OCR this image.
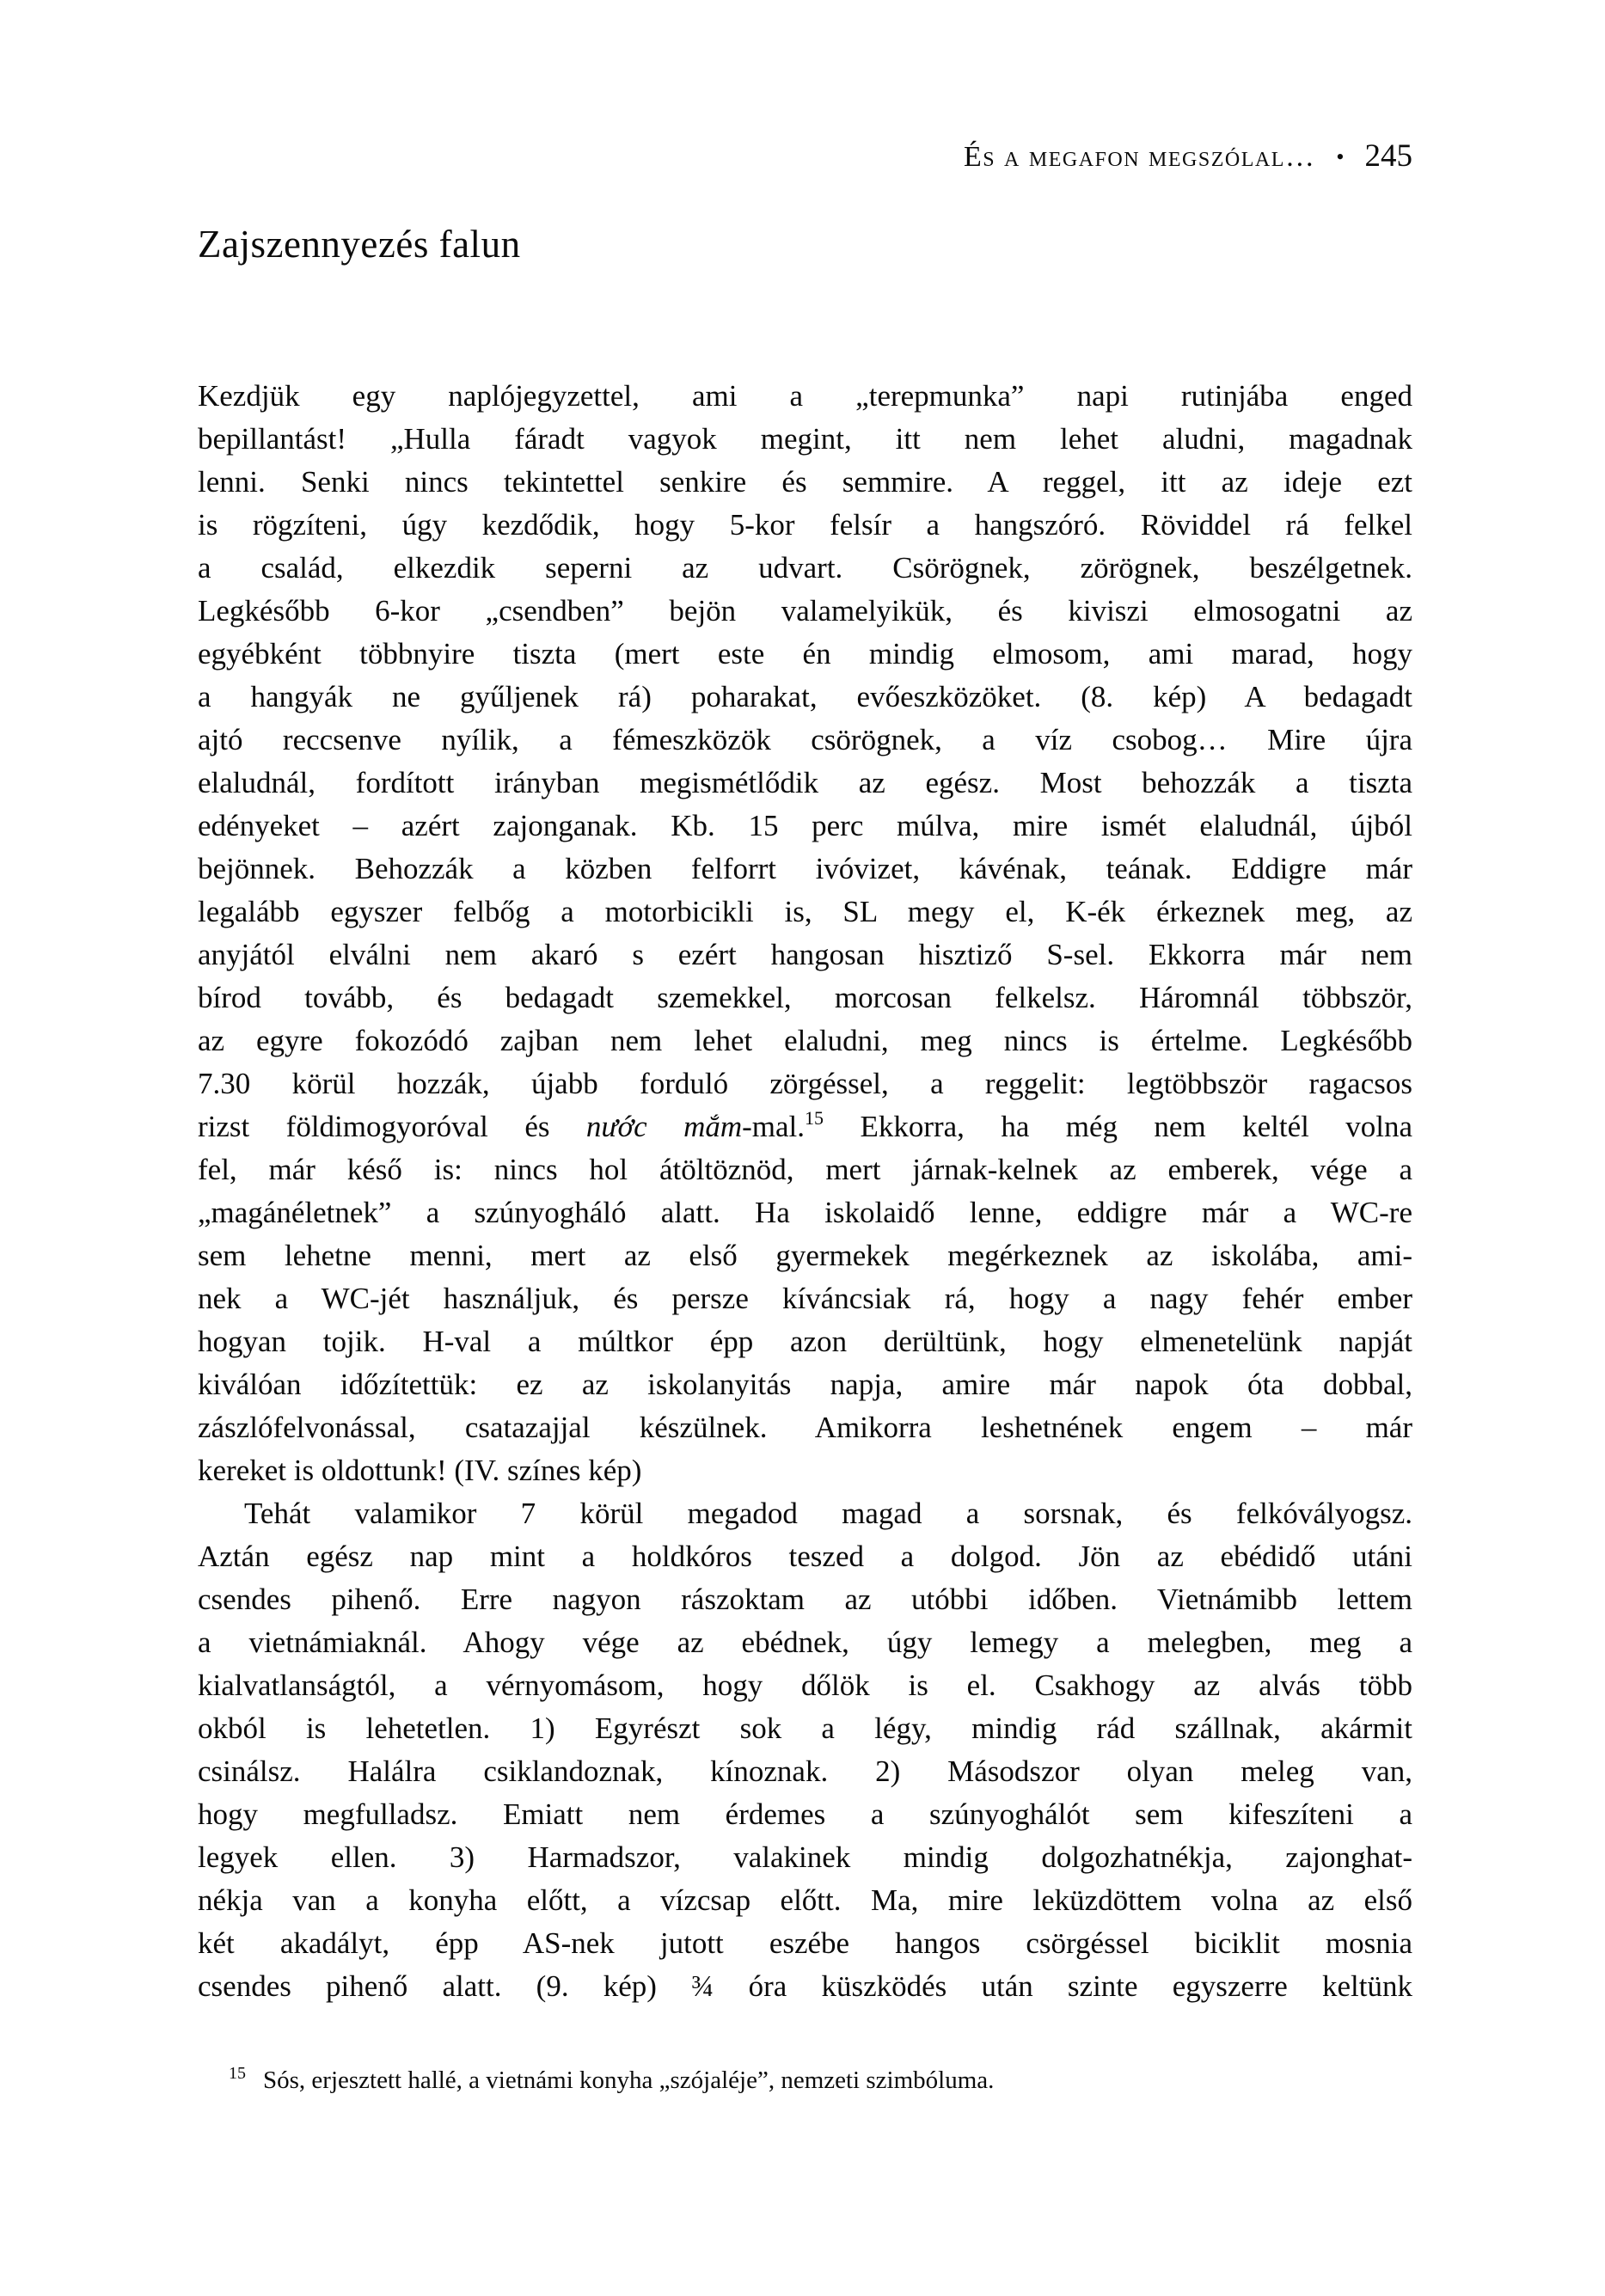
És a megafon megszólal… • 245
Zajszennyezés falun
Kezdjük egy naplójegyzettel, ami a „terepmunka” napi rutinjába enged
bepillantást! „Hulla fáradt vagyok megint, itt nem lehet aludni, magadnak
lenni. Senki nincs tekintettel senkire és semmire. A reggel, itt az ideje ezt
is rögzíteni, úgy kezdődik, hogy 5-kor felsír a hangszóró. Röviddel rá felkel
a család, elkezdik seperni az udvart. Csörögnek, zörögnek, beszélgetnek.
Legkésőbb 6-kor „csendben” bejön valamelyikük, és kiviszi elmosogatni az
egyébként többnyire tiszta (mert este én mindig elmosom, ami marad, hogy
a hangyák ne gyűljenek rá) poharakat, evőeszközöket. (8. kép) A bedagadt
ajtó reccsenve nyílik, a fémeszközök csörögnek, a víz csobog… Mire újra
elaludnál, fordított irányban megismétlődik az egész. Most behozzák a tiszta
edényeket – azért zajonganak. Kb. 15 perc múlva, mire ismét elaludnál, újból
bejönnek. Behozzák a közben felforrt ivóvizet, kávénak, teának. Eddigre már
legalább egyszer felbőg a motorbicikli is, SL megy el, K-ék érkeznek meg, az
anyjától elválni nem akaró s ezért hangosan hisztiző S-sel. Ekkorra már nem
bírod tovább, és bedagadt szemekkel, morcosan felkelsz. Háromnál többször,
az egyre fokozódó zajban nem lehet elaludni, meg nincs is értelme. Legkésőbb
7.30 körül hozzák, újabb forduló zörgéssel, a reggelit: legtöbbször ragacsos
rizst földimogyoróval és nước mắm-mal.$^{15}$ Ekkorra, ha még nem keltél volna
fel, már késő is: nincs hol átöltöznöd, mert járnak-kelnek az emberek, vége a
„magánéletnek” a szúnyogháló alatt. Ha iskolaidő lenne, eddigre már a WC-re
sem lehetne menni, mert az első gyermekek megérkeznek az iskolába, ami-
nek a WC-jét használjuk, és persze kíváncsiak rá, hogy a nagy fehér ember
hogyan tojik. H-val a múltkor épp azon derültünk, hogy elmenetelünk napját
kiválóan időzítettük: ez az iskolanyitás napja, amire már napok óta dobbal,
zászlófelvonással, csatazajjal készülnek. Amikorra leshetnének engem – már
kereket is oldottunk! (IV. színes kép)
Tehát valamikor 7 körül megadod magad a sorsnak, és felkóvályogsz.
Aztán egész nap mint a holdkóros teszed a dolgod. Jön az ebédidő utáni
csendes pihenő. Erre nagyon rászoktam az utóbbi időben. Vietnámibb lettem
a vietnámiaknál. Ahogy vége az ebédnek, úgy lemegy a melegben, meg a
kialvatlanságtól, a vérnyomásom, hogy dőlök is el. Csakhogy az alvás több
okból is lehetetlen. 1) Egyrészt sok a légy, mindig rád szállnak, akármit
csinálsz. Halálra csiklandoznak, kínoznak. 2) Másodszor olyan meleg van,
hogy megfulladsz. Emiatt nem érdemes a szúnyoghálót sem kifeszíteni a
legyek ellen. 3) Harmadszor, valakinek mindig dolgozhatnékja, zajonghat-
nékja van a konyha előtt, a vízcsap előtt. Ma, mire leküzdöttem volna az első
két akadályt, épp AS-nek jutott eszébe hangos csörgéssel biciklit mosnia
csendes pihenő alatt. (9. kép) ¾ óra küszködés után szinte egyszerre keltünk
$^{15}$ Sós, erjesztett hallé, a vietnámi konyha „szójaléje”, nemzeti szimbóluma.
